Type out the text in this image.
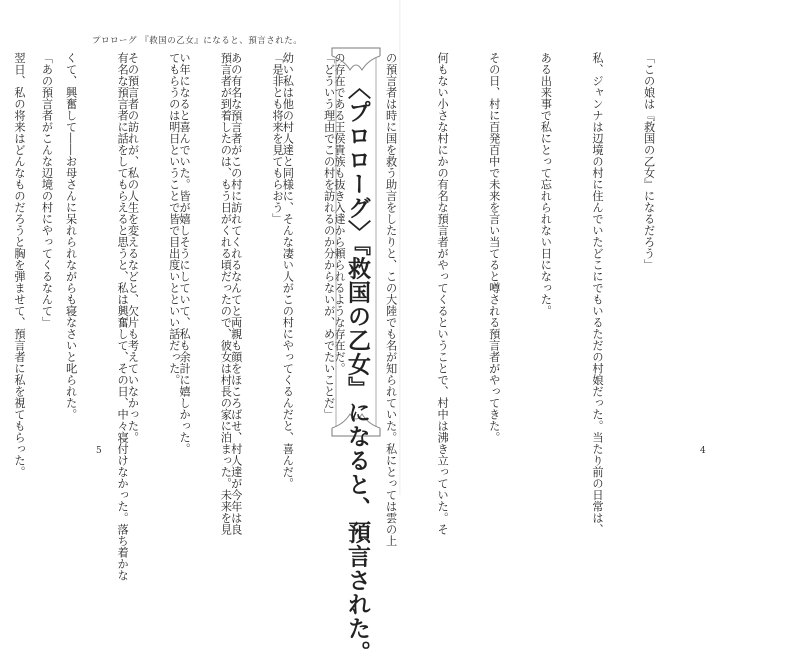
プロローグ 『救国の乙女』になると、預言された。

「どういう理由でこの村を訪れるのか分からないが、めでたいことだ」

「是非とも将来を見てもらおう」

預言者が到着したのは、もう日がくれる頃だったので、彼女は村長の家に泊まった。未来を見

てもらうのは明日ということで皆で目出度いとといい話だった。

有名な預言者に話をしてもらえると思うと、私は興奮して、その日、中々寝付けなかった。落ち着かな

くて、興奮して――お母さんに呆れられながらも寝なさいと叱られた。

翌日、私の将来はどんなものだろうと胸を弾ませて、預言者に私を視てもらった。

	5

「この娘は『救国の乙女』になるだろう」

私、ジャンナは辺境の村に住んでいたどこにでもいるただの村娘だった。当たり前の日常は、

ある出来事で私にとって忘れられない日になった。

その日、村に百発百中で未来を言い当てると噂される預言者がやってきた。

何もない小さな村にかの有名な預言者がやってくるということで、村中は沸き立っていた。そ

の預言者は時に国を救う助言をしたりと、この大陸でも名が知られていた。私にとっては雲の上

の存在である王侯貴族も抜き入達から頼られるような存在だ。

幼い私は他の村人達と同様に、そんな凄い人がこの村にやってくるんだと、喜んだ。

あの有名な預言者がこの村に訪れてくれるなんてと両親も顔をほころばせ、村人達が今年は良

い年になると喜んでいた。皆が嬉しそうにしていて、私も余計に嬉しかった。

その預言者の訪れが、私の人生を変えるなどと、欠片も考えていなかった。

「あの預言者がこんな辺境の村にやってくるなんて」

4
〈プロローグ〉『救国の乙女』になると、預言された。
